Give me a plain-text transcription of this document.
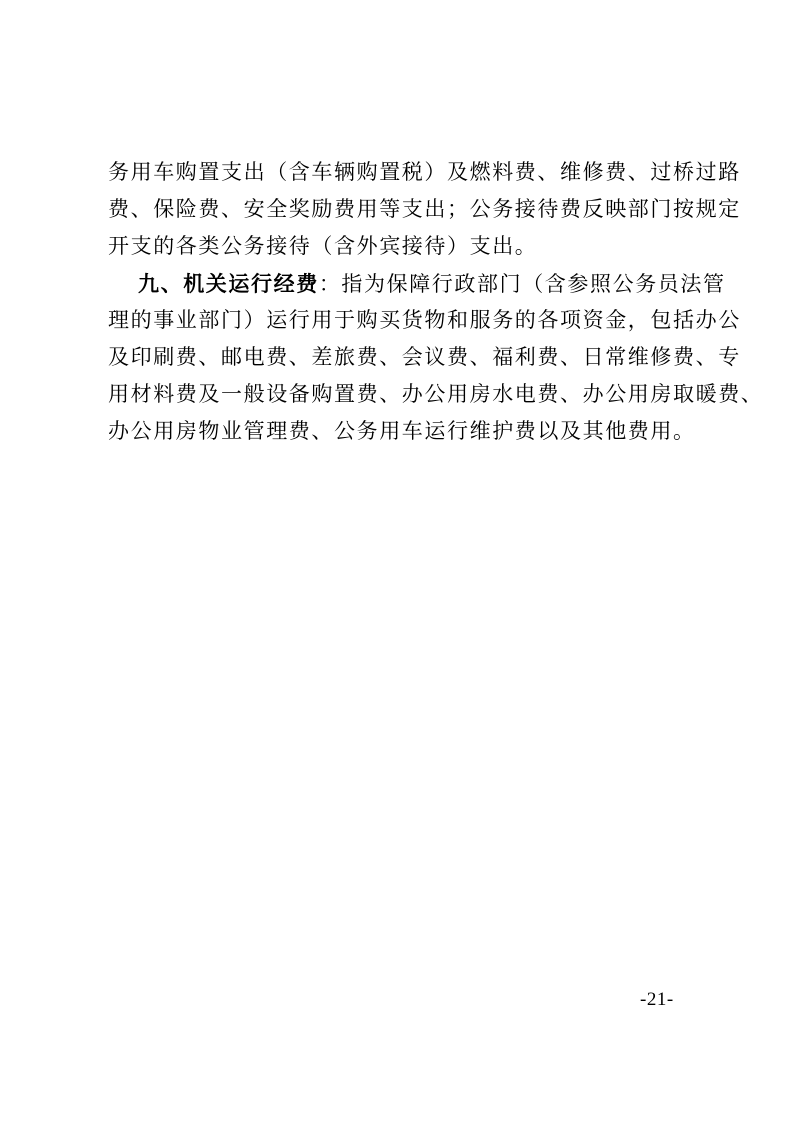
务用车购置支出（含车辆购置税）及燃料费、维修费、过桥过路
费、保险费、安全奖励费用等支出；公务接待费反映部门按规定
开支的各类公务接待（含外宾接待）支出。
九、机关运行经费：指为保障行政部门（含参照公务员法管
理的事业部门）运行用于购买货物和服务的各项资金，包括办公
及印刷费、邮电费、差旅费、会议费、福利费、日常维修费、专
用材料费及一般设备购置费、办公用房水电费、办公用房取暖费、
办公用房物业管理费、公务用车运行维护费以及其他费用。
-21-
